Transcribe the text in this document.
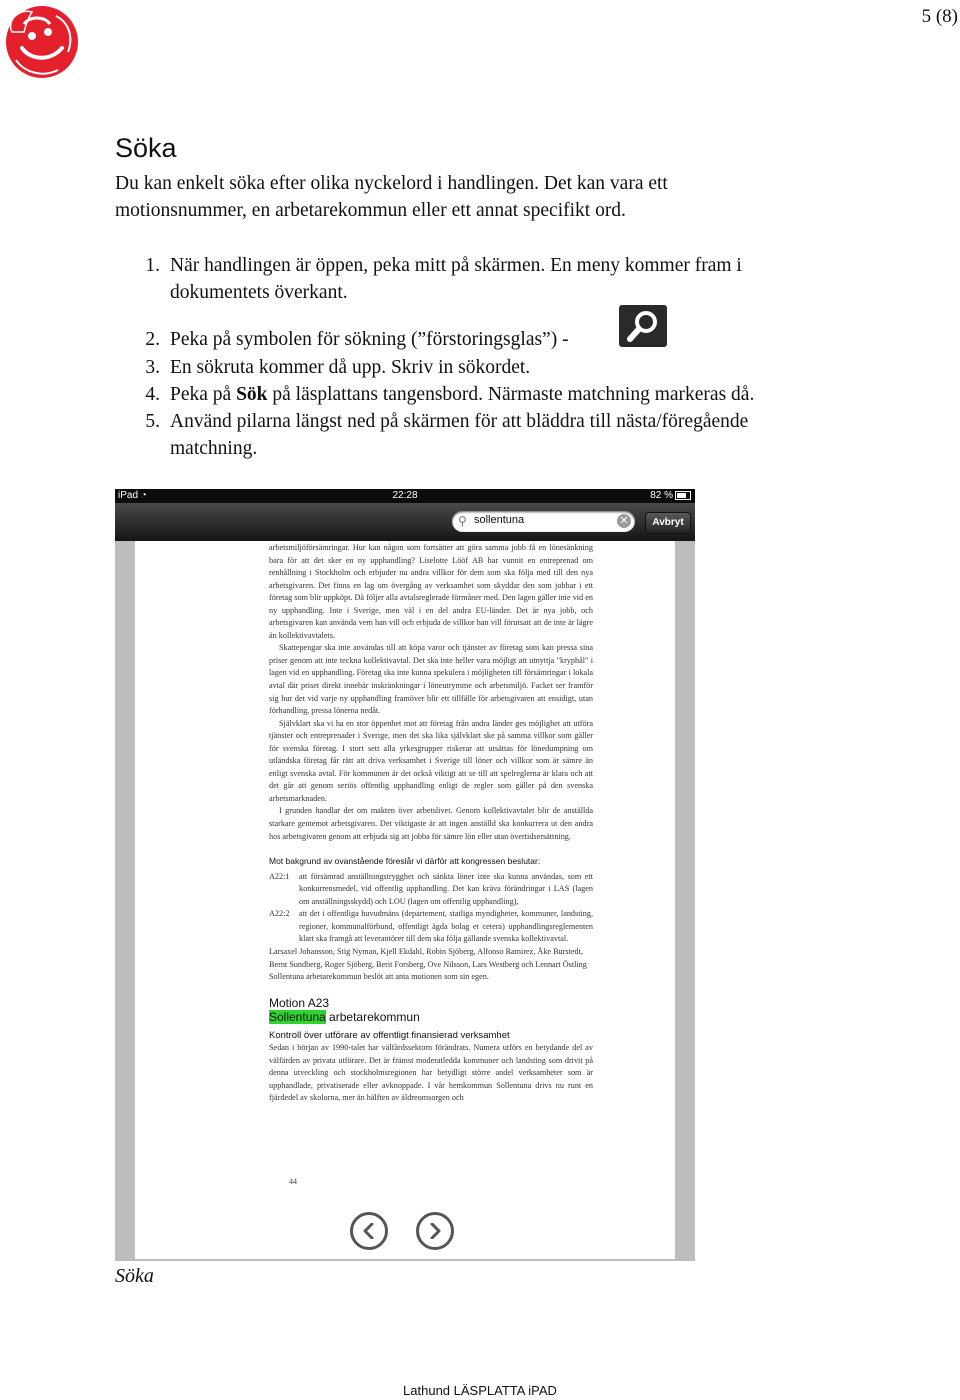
5 (8)
Söka

Du kan enkelt söka efter olika nyckelord i handlingen. Det kan vara ett motionsnummer, en arbetarekommun eller ett annat specifikt ord.

1. När handlingen är öppen, peka mitt på skärmen. En meny kommer fram i dokumentets överkant.
2. Peka på symbolen för sökning (”förstoringsglas”) -
3. En sökruta kommer då upp. Skriv in sökordet.
4. Peka på Sök på läsplattans tangensbord. Närmaste matchning markeras då.
5. Använd pilarna längst ned på skärmen för att bläddra till nästa/föregående matchning.
iPad ◔	22:28	82 %
⚲ sollentuna	✕	Avbryt

arbetsmiljöförsämringar. Hur kan någon som fortsätter att göra samma jobb få en lönesänkning bara för att det sker en ny upphandling? Liselotte Lööf AB har vunnit en entreprenad om renhållning i Stockholm och erbjuder nu andra villkor för dem som ska följa med till den nya arbetsgivaren. Det finns en lag om övergång av verksamhet som skyddar den som jobbar i ett företag som blir uppköpt. Då följer alla avtalsreglerade förmåner med. Den lagen gäller inte vid en ny upphandling. Inte i Sverige, men väl i en del andra EU-länder. Det är nya jobb, och arbetsgivaren kan använda vem han vill och erbjuda de villkor han vill förutsatt att de inte är lägre än kollektivavtalets.

Skattepengar ska inte användas till att köpa varor och tjänster av företag som kan pressa sina priser genom att inte teckna kollektivavtal. Det ska inte heller vara möjligt att utnyttja "kryphål" i lagen vid en upphandling. Företag ska inte kunna spekulera i möjligheten till försämringar i lokala avtal där priset direkt innebär inskränkningar i löneutrymme och arbetsmiljö. Facket ser framför sig hur det vid varje ny upphandling framöver blir ett tillfälle för arbetsgivaren att ensidigt, utan förhandling, pressa lönerna nedåt.

Självklart ska vi ha en stor öppenhet mot att företag från andra länder ges möjlighet att utföra tjänster och entreprenader i Sverige, men det ska lika självklart ske på samma villkor som gäller för svenska företag. I stort sett alla yrkesgrupper riskerar att utsättas för lönedumpning om utländska företag får rätt att driva verksamhet i Sverige till löner och villkor som är sämre än enligt svenska avtal. För kommunen är det också viktigt att se till att spelreglerna är klara och att det går att genom seriös offentlig upphandling enligt de regler som gäller på den svenska arbetsmarknaden.

I grunden handlar det om makten över arbetslivet. Genom kollektivavtalet blir de anställda starkare gentemot arbetsgivaren. Det viktigaste är att ingen anställd ska konkurrera ut den andra hos arbetsgivaren genom att erbjuda sig att jobba för sämre lön eller utan övertidsersättning.

Mot bakgrund av ovanstående föreslår vi därför att kongressen beslutar:
A22:1	att försämrad anställningstrygghet och sänkta löner inte ska kunna användas, som ett konkurrensmedel, vid offentlig upphandling. Det kan kräva förändringar i LAS (lagen om anställningsskydd) och LOU (lagen om offentlig upphandling),
A22:2	att det i offentliga huvudmäns (departement, statliga myndigheter, kommuner, landsting, regioner, kommunalförbund, offentligt ägda bolag et cetera) upphandlingsreglementen klart ska framgå att leverantörer till dem ska följa gällande svenska kollektivavtal.

Larsaxel Johansson, Stig Nyman, Kjell Ekdahl, Robin Sjöberg, Alfonso Ramirez, Åke Burstedt, Bernt Sundberg, Roger Sjöberg, Berit Forsberg, Ove Nilsson, Lars Westberg och Lennart Östling

Sollentuna arbetarekommun beslöt att anta motionen som sin egen.

Motion A23
Sollentuna arbetarekommun
Kontroll över utförare av offentligt finansierad verksamhet

Sedan i början av 1990-talet har välfärdssektorn förändrats. Numera utförs en betydande del av välfärden av privata utförare. Det är främst moderatledda kommuner och landsting som drivit på denna utveckling och stockholmsregionen har betydligt större andel verksamheter som är upphandlade, privatiserade eller avknoppade. I vår hemkommun Sollentuna drivs nu runt en fjärdedel av skolorna, mer än hälften av äldreomsorgen och

44
Söka
Lathund LÄSPLATTA iPAD
